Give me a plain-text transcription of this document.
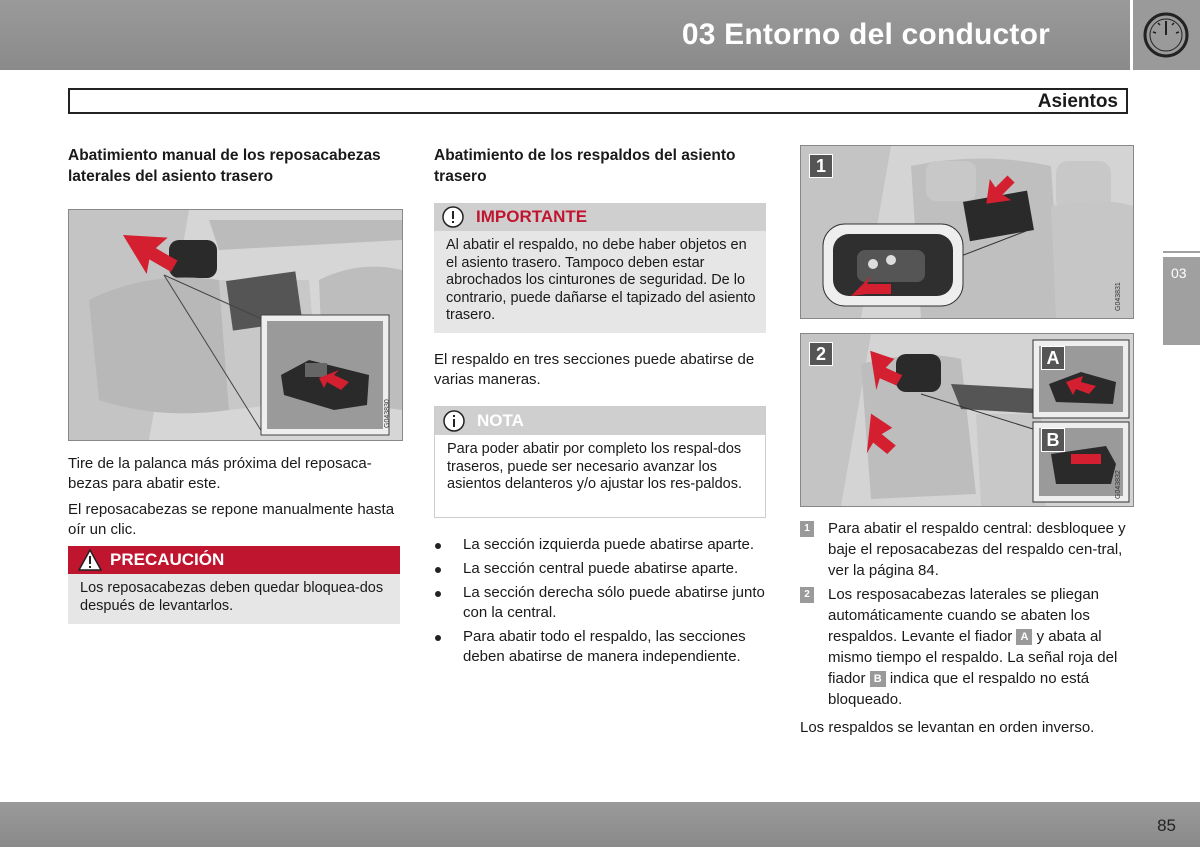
03 Entorno del conductor
Asientos
03
Abatimiento manual de los reposacabezas laterales del asiento trasero
G043830

Tire de la palanca más próxima del reposaca-bezas para abatir este.

El reposacabezas se repone manualmente hasta oír un clic.

PRECAUCIÓN

Los reposacabezas deben quedar bloquea-dos después de levantarlos.

Abatimiento de los respaldos del asiento trasero
IMPORTANTE

Al abatir el respaldo, no debe haber objetos en el asiento trasero. Tampoco deben estar abrochados los cinturones de seguridad. De lo contrario, puede dañarse el tapizado del asiento trasero.

El respaldo en tres secciones puede abatirse de varias maneras.

NOTA

Para poder abatir por completo los respal-dos traseros, puede ser necesario avanzar los asientos delanteros y/o ajustar los res-paldos.

La sección izquierda puede abatirse aparte.
La sección central puede abatirse aparte.
La sección derecha sólo puede abatirse junto con la central.
Para abatir todo el respaldo, las secciones deben abatirse de manera independiente.
1
G043831
2	A
B
G043832
1	Para abatir el respaldo central: desbloquee y baje el reposacabezas del respaldo cen-tral, ver la página 84.
2	Los resposacabezas laterales se pliegan automáticamente cuando se abaten los respaldos. Levante el fiador A y abata al mismo tiempo el respaldo. La señal roja del fiador B indica que el respaldo no está bloqueado.

Los respaldos se levantan en orden inverso.

85
